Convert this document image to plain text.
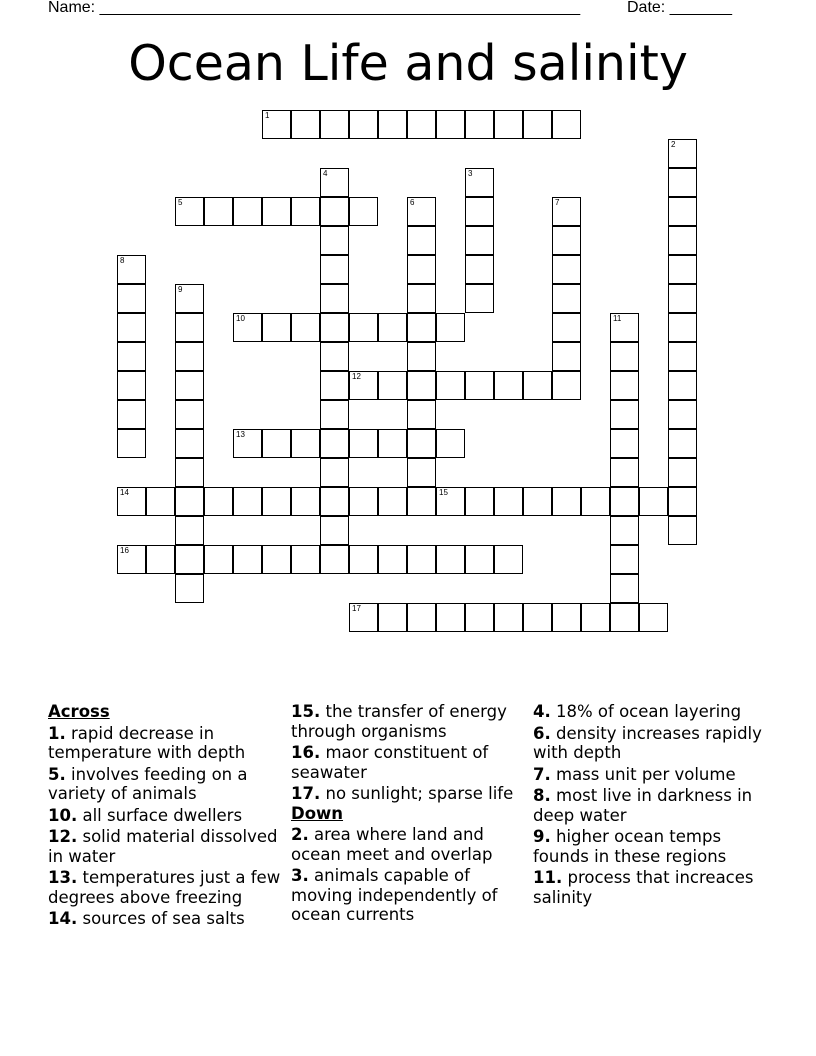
Name: ______________________________________________________	Date: _______
Ocean Life and salinity
1
2
3
4
5	6	7
8
9
10	11
12
13
14	15
16
17
Across
1. rapid decrease in temperature with depth
5. involves feeding on a variety of animals
10. all surface dwellers
12. solid material dissolved in water
13. temperatures just a few degrees above freezing
14. sources of sea salts
15. the transfer of energy through organisms
16. maor constituent of seawater
17. no sunlight; sparse life
Down
2. area where land and ocean meet and overlap
3. animals capable of moving independently of ocean currents
4. 18% of ocean layering
6. density increases rapidly with depth
7. mass unit per volume
8. most live in darkness in deep water
9. higher ocean temps founds in these regions
11. process that increaces salinity
